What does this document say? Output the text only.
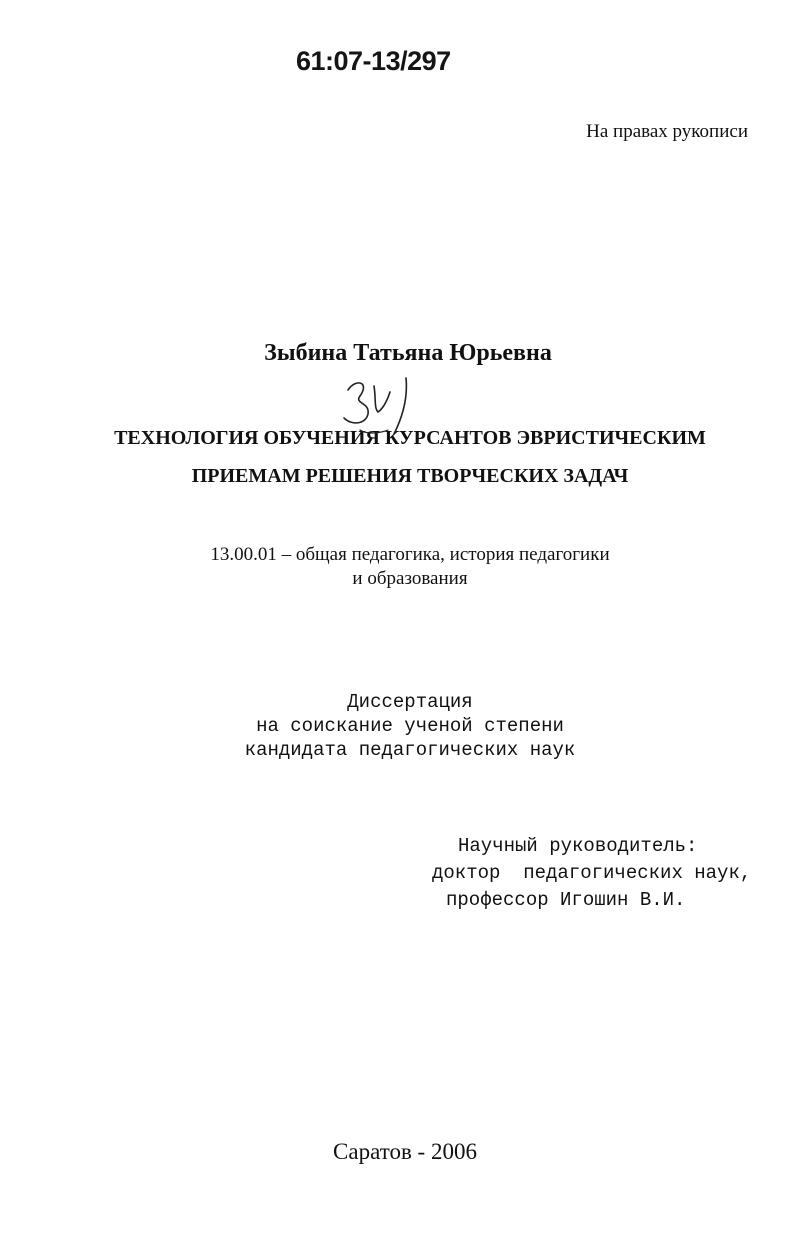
61:07-13/297
На правах рукописи
Зыбина Татьяна Юрьевна
ТЕХНОЛОГИЯ ОБУЧЕНИЯ КУРСАНТОВ ЭВРИСТИЧЕСКИМ
ПРИЕМАМ РЕШЕНИЯ ТВОРЧЕСКИХ ЗАДАЧ
13.00.01 – общая педагогика, история педагогики
и образования
Диссертация
на соискание ученой степени
кандидата педагогических наук
Научный руководитель:
доктор  педагогических наук,
профессор Игошин В.И.
Саратов - 2006
